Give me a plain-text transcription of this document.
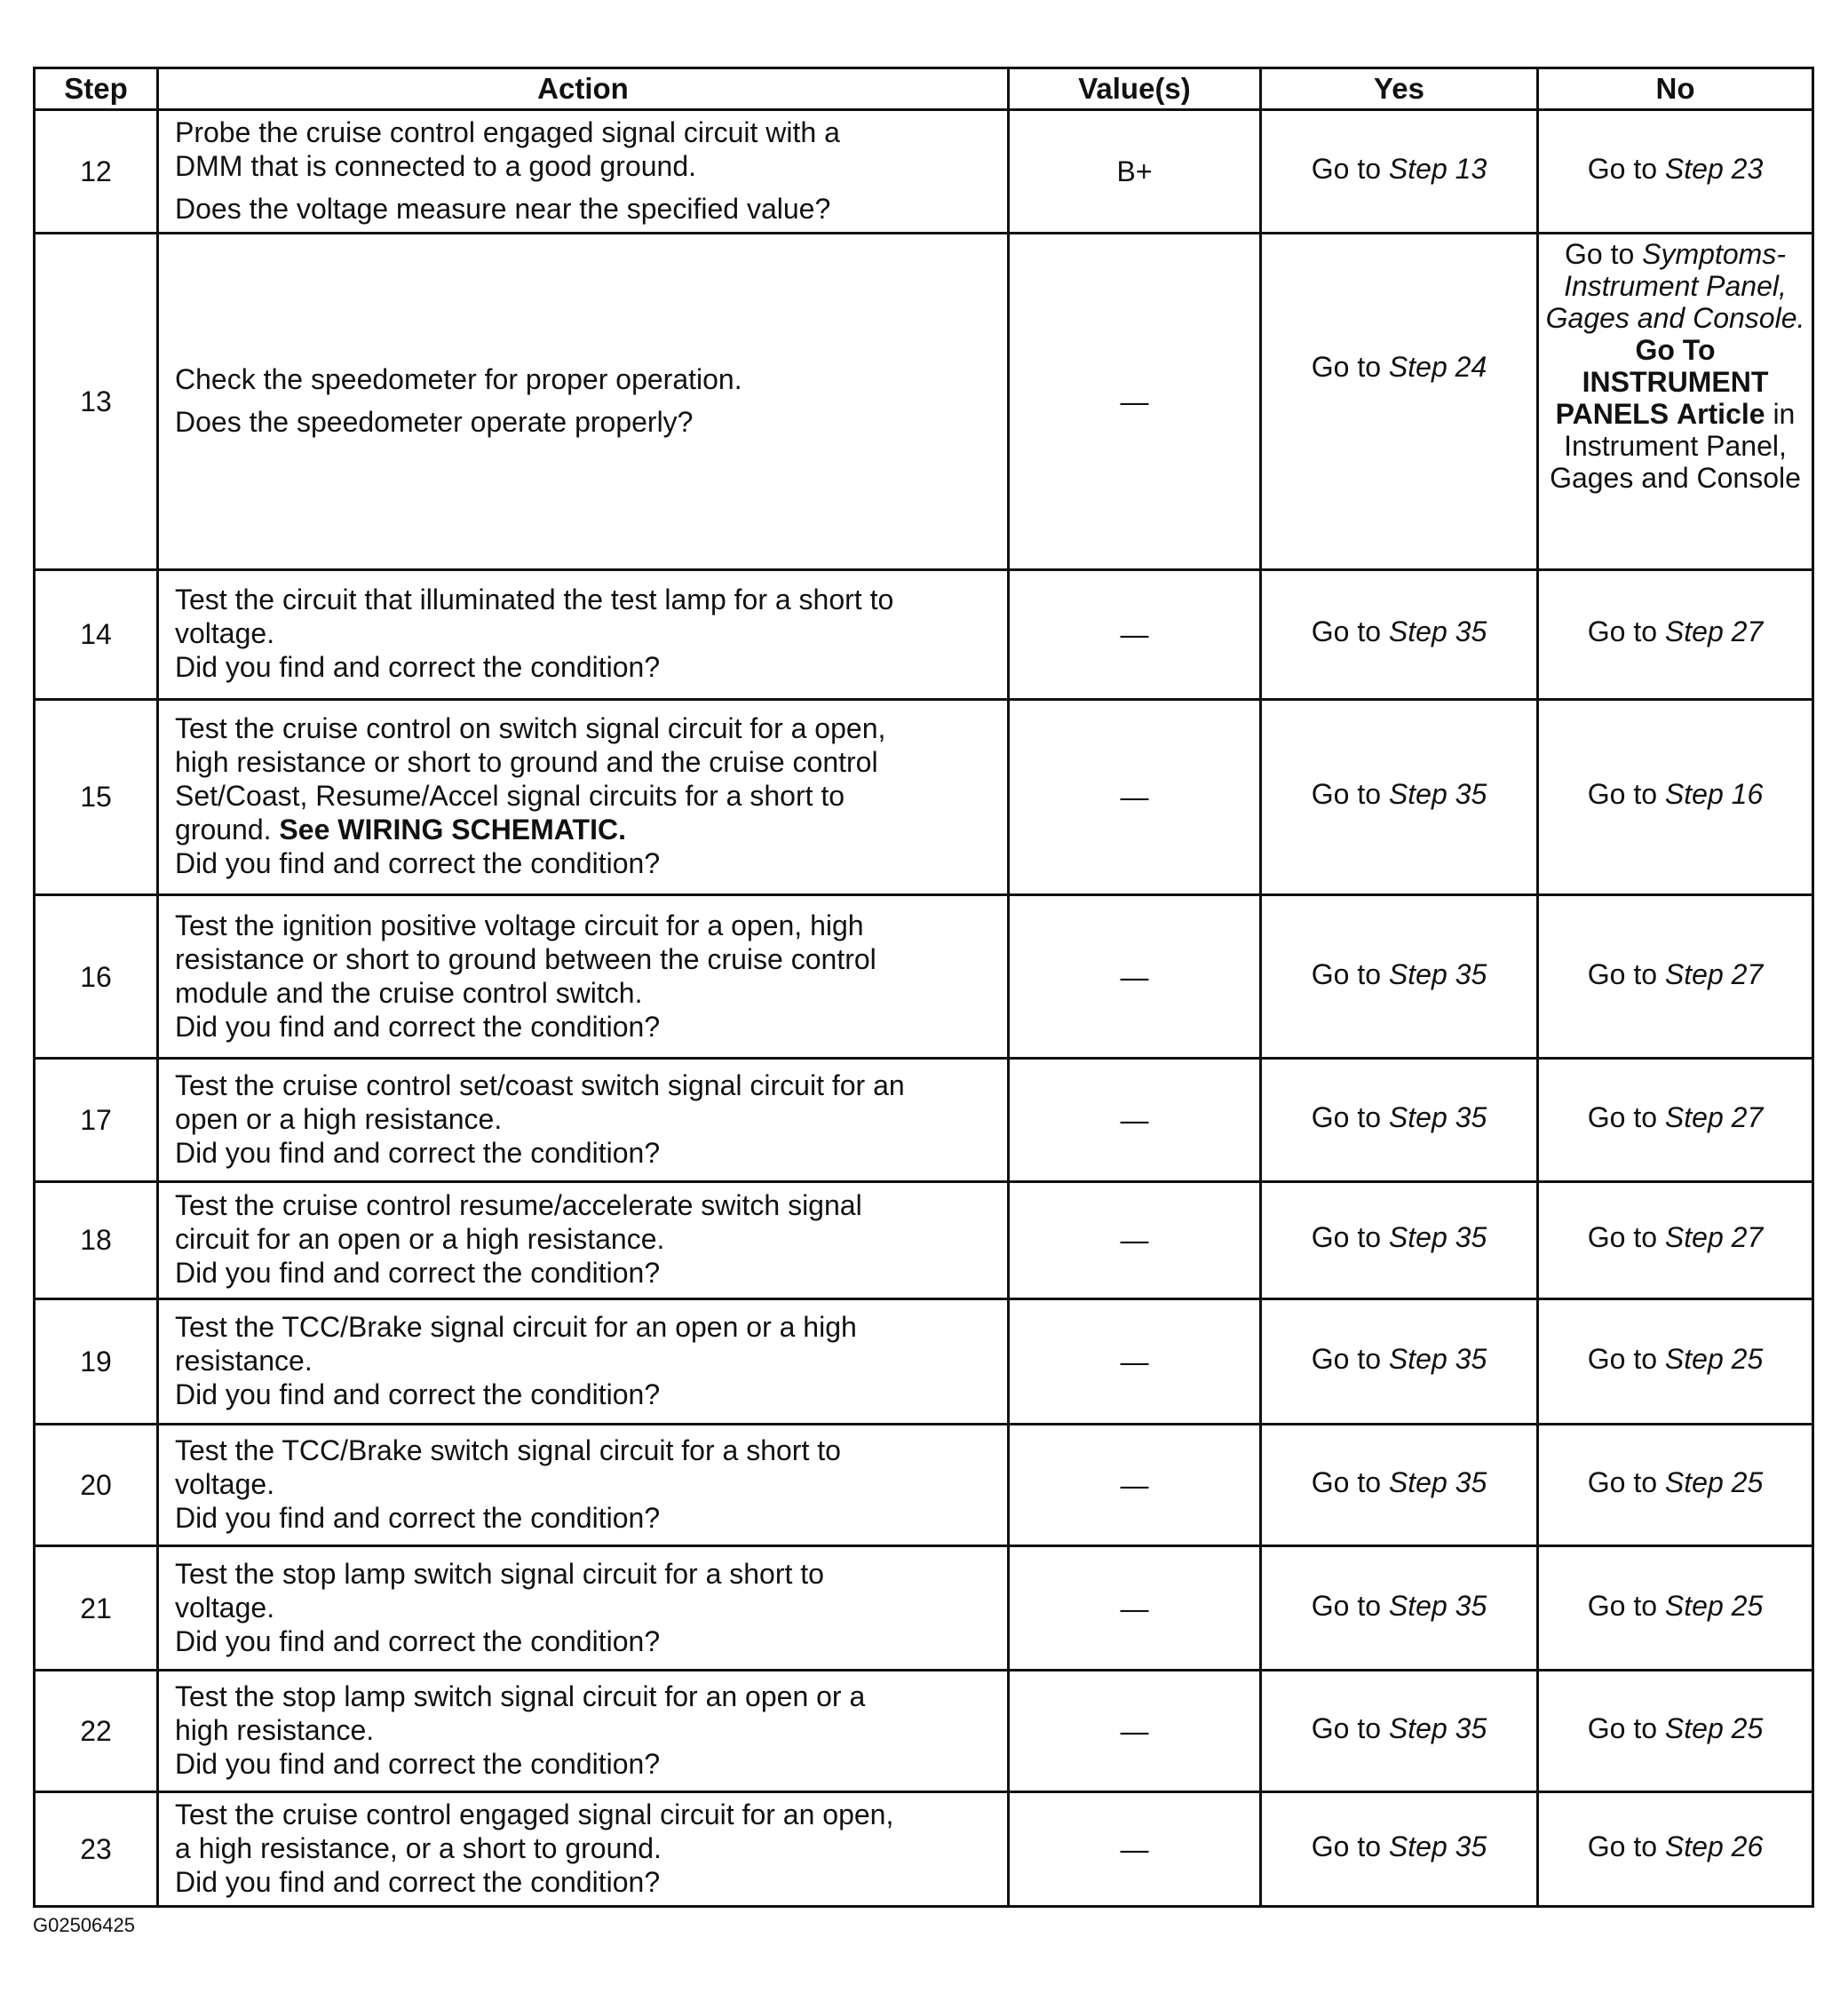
Step	Action	Value(s)	Yes	No
12	Probe the cruise control engaged signal circuit with a
DMM that is connected to a good ground.
Does the voltage measure near the specified value?	B+	Go to Step 13	Go to Step 23
13	Check the speedometer for proper operation.
Does the speedometer operate properly?	—	Go to Step 24	Go to Symptoms-Instrument Panel, Gages and Console. Go To INSTRUMENT PANELS Article in Instrument Panel, Gages and Console
14	Test the circuit that illuminated the test lamp for a short to
voltage.
Did you find and correct the condition?	—	Go to Step 35	Go to Step 27
15	Test the cruise control on switch signal circuit for a open,
high resistance or short to ground and the cruise control
Set/Coast, Resume/Accel signal circuits for a short to
ground. See WIRING SCHEMATIC.
Did you find and correct the condition?	—	Go to Step 35	Go to Step 16
16	Test the ignition positive voltage circuit for a open, high
resistance or short to ground between the cruise control
module and the cruise control switch.
Did you find and correct the condition?	—	Go to Step 35	Go to Step 27
17	Test the cruise control set/coast switch signal circuit for an
open or a high resistance.
Did you find and correct the condition?	—	Go to Step 35	Go to Step 27
18	Test the cruise control resume/accelerate switch signal
circuit for an open or a high resistance.
Did you find and correct the condition?	—	Go to Step 35	Go to Step 27
19	Test the TCC/Brake signal circuit for an open or a high
resistance.
Did you find and correct the condition?	—	Go to Step 35	Go to Step 25
20	Test the TCC/Brake switch signal circuit for a short to
voltage.
Did you find and correct the condition?	—	Go to Step 35	Go to Step 25
21	Test the stop lamp switch signal circuit for a short to
voltage.
Did you find and correct the condition?	—	Go to Step 35	Go to Step 25
22	Test the stop lamp switch signal circuit for an open or a
high resistance.
Did you find and correct the condition?	—	Go to Step 35	Go to Step 25
23	Test the cruise control engaged signal circuit for an open,
a high resistance, or a short to ground.
Did you find and correct the condition?	—	Go to Step 35	Go to Step 26
G02506425
